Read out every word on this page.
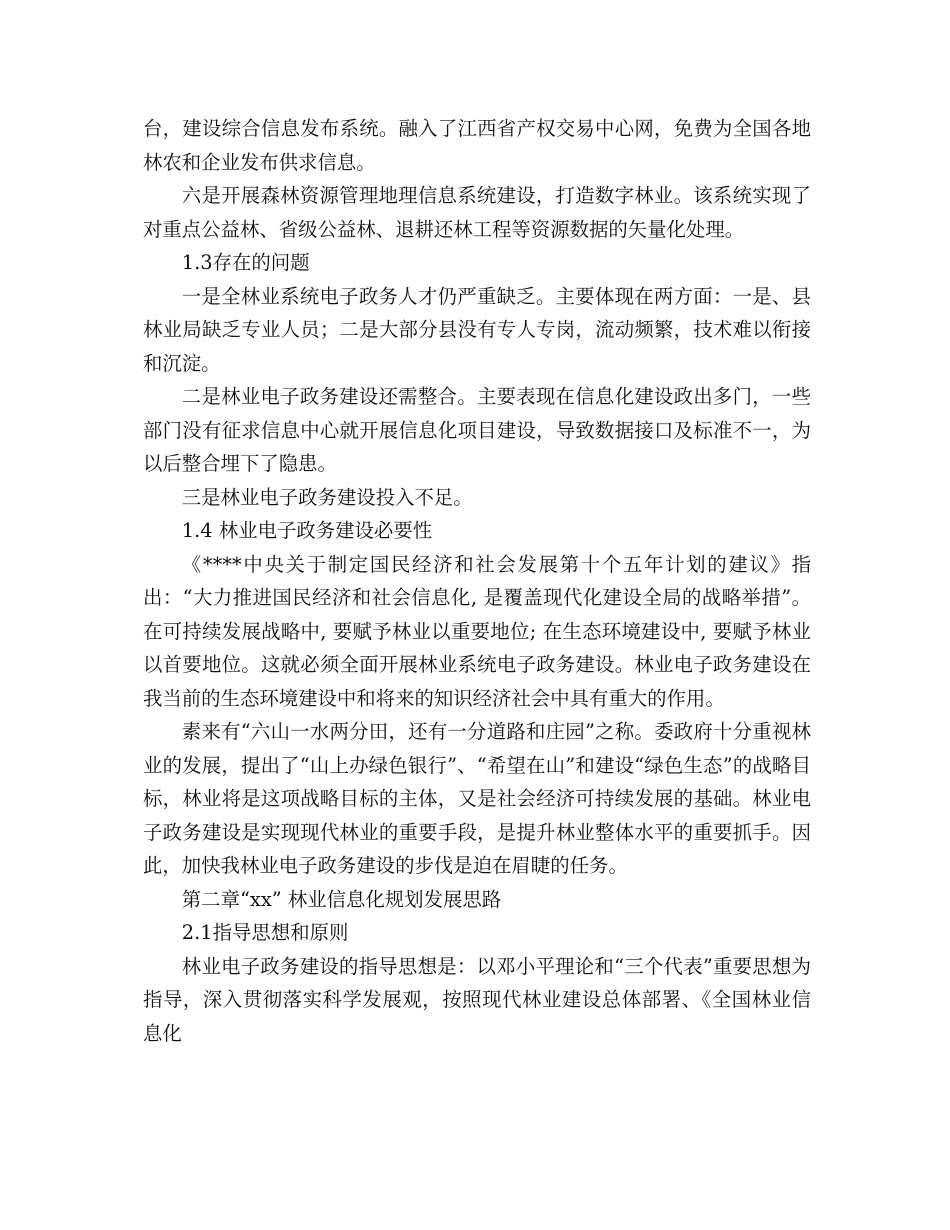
台，建设综合信息发布系统。融入了江西省产权交易中心网，免费为全国各地林农和企业发布供求信息。

六是开展森林资源管理地理信息系统建设，打造数字林业。该系统实现了对重点公益林、省级公益林、退耕还林工程等资源数据的矢量化处理。

1.3存在的问题

一是全林业系统电子政务人才仍严重缺乏。主要体现在两方面：一是、县林业局缺乏专业人员；二是大部分县没有专人专岗，流动频繁，技术难以衔接和沉淀。

二是林业电子政务建设还需整合。主要表现在信息化建设政出多门，一些部门没有征求信息中心就开展信息化项目建设，导致数据接口及标准不一，为以后整合埋下了隐患。

三是林业电子政务建设投入不足。

1.4 林业电子政务建设必要性

《****中央关于制定国民经济和社会发展第十个五年计划的建议》指出：“大力推进国民经济和社会信息化, 是覆盖现代化建设全局的战略举措”。在可持续发展战略中, 要赋予林业以重要地位; 在生态环境建设中, 要赋予林业以首要地位。这就必须全面开展林业系统电子政务建设。林业电子政务建设在我当前的生态环境建设中和将来的知识经济社会中具有重大的作用。

素来有“六山一水两分田，还有一分道路和庄园”之称。委政府十分重视林业的发展，提出了“山上办绿色银行”、“希望在山”和建设“绿色生态”的战略目标，林业将是这项战略目标的主体，又是社会经济可持续发展的基础。林业电子政务建设是实现现代林业的重要手段，是提升林业整体水平的重要抓手。因此，加快我林业电子政务建设的步伐是迫在眉睫的任务。

第二章“xx” 林业信息化规划发展思路

2.1指导思想和原则

林业电子政务建设的指导思想是：以邓小平理论和“三个代表”重要思想为指导，深入贯彻落实科学发展观，按照现代林业建设总体部署、《全国林业信息化
